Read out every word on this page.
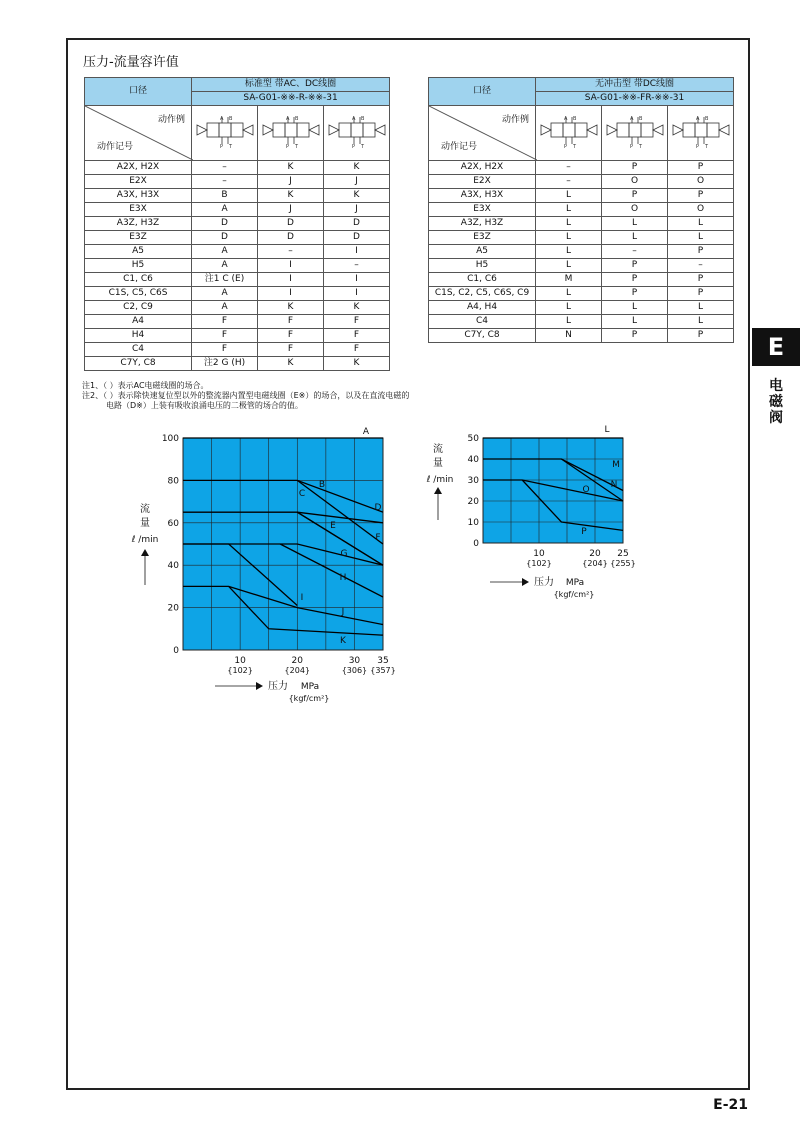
压力-流量容许值
口径	标准型 带AC、DC线圈		
	SA-G01-※※-R-※※-31		

动作例
动作记号	A B
P T	A B
P T	A B
P T

A2X, H2X	–	K	K
E2X	–	J	J
A3X, H3X	B	K	K
E3X	A	J	J
A3Z, H3Z	D	D	D
E3Z	D	D	D
A5	A	–	I
H5	A	I	–
C1, C6	注1 C (E)	I	I
C1S, C5, C6S	A	I	I
C2, C9	A	K	K
A4	F	F	F
H4	F	F	F
C4	F	F	F
C7Y, C8	注2 G (H)	K	K
口径	无冲击型 带DC线圈		
	SA-G01-※※-FR-※※-31		

动作例
动作记号	A B
P T	A B
P T	A B
P T

A2X, H2X	–	P	P
E2X	–	O	O
A3X, H3X	L	P	P
E3X	L	O	O
A3Z, H3Z	L	L	L
E3Z	L	L	L
A5	L	–	P
H5	L	P	–
C1, C6	M	P	P
C1S, C2, C5, C6S, C9	L	P	P
A4, H4	L	L	L
C4	L	L	L
C7Y, C8	N	P	P
注1、（ ）表示AC电磁线圈的场合。
注2、（ ）表示除快速复位型以外的整流器内置型电磁线圈（E※）的场合，以及在直流电磁的
电路（D※）上装有吸收浪涌电压的二极管的场合的值。
0
20
40
60
80
100
10
{102}
20
{204}
30
{306}
35
{357}
A
B
C
D
E
F
G
H
I
J
K
流
量
ℓ /min
压力 MPa
{kgf/cm²}
0
10
20
30
40
50
10
{102}
20
{204}
25
{255}
L
M
N
O
P
流
量
ℓ /min
压力 MPa
{kgf/cm²}
E
电磁阀
E-21
